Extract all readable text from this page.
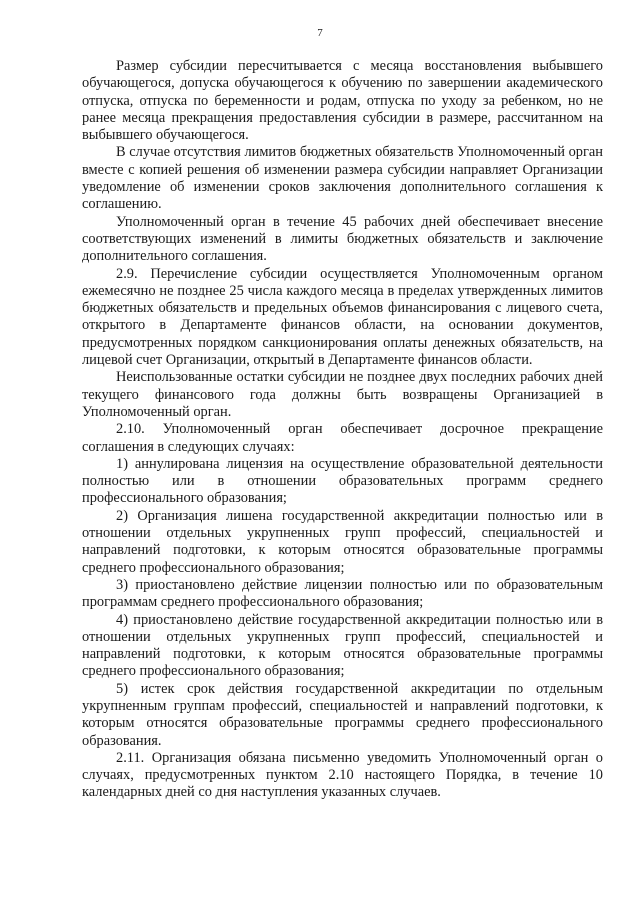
7

Размер субсидии пересчитывается с месяца восстановления выбывшего обучающегося, допуска обучающегося к обучению по завершении академического отпуска, отпуска по беременности и родам, отпуска по уходу за ребенком, но не ранее месяца прекращения предоставления субсидии в размере, рассчитанном на выбывшего обучающегося.

В случае отсутствия лимитов бюджетных обязательств Уполномоченный орган вместе с копией решения об изменении размера субсидии направляет Организации уведомление об изменении сроков заключения дополнительного соглашения к соглашению.

Уполномоченный орган в течение 45 рабочих дней обеспечивает внесение соответствующих изменений в лимиты бюджетных обязательств и заключение дополнительного соглашения.

2.9. Перечисление субсидии осуществляется Уполномоченным органом ежемесячно не позднее 25 числа каждого месяца в пределах утвержденных лимитов бюджетных обязательств и предельных объемов финансирования с лицевого счета, открытого в Департаменте финансов области, на основании документов, предусмотренных порядком санкционирования оплаты денежных обязательств, на лицевой счет Организации, открытый в Департаменте финансов области.

Неиспользованные остатки субсидии не позднее двух последних рабочих дней текущего финансового года должны быть возвращены Организацией в Уполномоченный орган.

2.10. Уполномоченный орган обеспечивает досрочное прекращение соглашения в следующих случаях:

1) аннулирована лицензия на осуществление образовательной деятельности полностью или в отношении образовательных программ среднего профессионального образования;

2) Организация лишена государственной аккредитации полностью или в отношении отдельных укрупненных групп профессий, специальностей и направлений подготовки, к которым относятся образовательные программы среднего профессионального образования;

3) приостановлено действие лицензии полностью или по образовательным программам среднего профессионального образования;

4) приостановлено действие государственной аккредитации полностью или в отношении отдельных укрупненных групп профессий, специальностей и направлений подготовки, к которым относятся образовательные программы среднего профессионального образования;

5) истек срок действия государственной аккредитации по отдельным укрупненным группам профессий, специальностей и направлений подготовки, к которым относятся образовательные программы среднего профессионального образования.

2.11. Организация обязана письменно уведомить Уполномоченный орган о случаях, предусмотренных пунктом 2.10 настоящего Порядка, в течение 10 календарных дней со дня наступления указанных случаев.
